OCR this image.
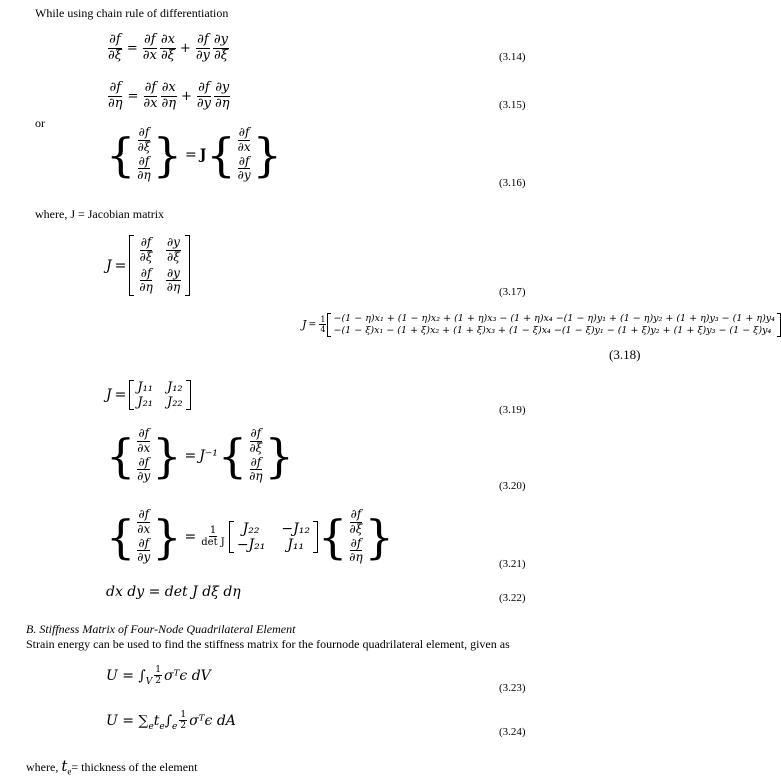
While using chain rule of differentiation
$\frac{\partial f}{\partial\xi} = \frac{\partial f}{\partial x} \frac{\partial x}{\partial\xi} + \frac{\partial f}{\partial y} \frac{\partial y}{\partial\xi}$	(3.14)
$\frac{\partial f}{\partial\eta} = \frac{\partial f}{\partial x} \frac{\partial x}{\partial\eta} + \frac{\partial f}{\partial y} \frac{\partial y}{\partial\eta}$	(3.15)
or
{ $\frac{\partial f}{\partial\xi}$
$\frac{\partial f}{\partial\eta}$ } = J { $\frac{\partial f}{\partial x}$
$\frac{\partial f}{\partial y}$ }
(3.16)
where, J = Jacobian matrix
J =
$\frac{\partial f}{\partial\xi} \frac{\partial y}{\partial\xi}$
$\frac{\partial f}{\partial\eta} \frac{\partial y}{\partial\eta}$	(3.17)
$J = \frac{1}{4} -(1 - \eta)x_1 + (1 - \eta)x_2 + (1 + \eta)x_3 - (1 + \eta)x_4 -(1 - \eta)y_1 + (1 - \eta)y_2 + (1 + \eta)y_3 - (1 + \eta)y_4$
−(1 − ξ)x₁ − (1 + ξ)x₂ + (1 + ξ)x₃ + (1 − ξ)x₄ −(1 − ξ)y₁ − (1 + ξ)y₂ + (1 + ξ)y₃ − (1 − ξ)y₄
(3.18)
J = J₁₁ J₁₂
J₂₁ J₂₂	(3.19)
{ $\frac{\partial f}{\partial x}$
$\frac{\partial f}{\partial y}$ } = J⁻¹ { $\frac{\partial f}{\partial\xi}$
$\frac{\partial f}{\partial\eta}$ }
(3.20)
{ $\frac{\partial f}{\partial x}$
$\frac{\partial f}{\partial y}$ } = $\frac{1}{\text{det J}} J_{22} -J_{12}$
−J₂₁ J₁₁ { $\frac{\partial f}{\partial\xi}$
$\frac{\partial f}{\partial\eta}$ }
(3.21)
dx dy = det J dξ dη	(3.22)
B. Stiffness Matrix of Four-Node Quadrilateral Element
Strain energy can be used to find the stiffness matrix for the fournode quadrilateral element, given as
$U = \int_V \frac{1}{2}$ σᵀϵ dV
(3.23)
$U = \sum_e$ $t_e$ $\int_e \frac{1}{2}$ σᵀϵ dA
(3.24)
where, $t_e=$ thickness of the element
